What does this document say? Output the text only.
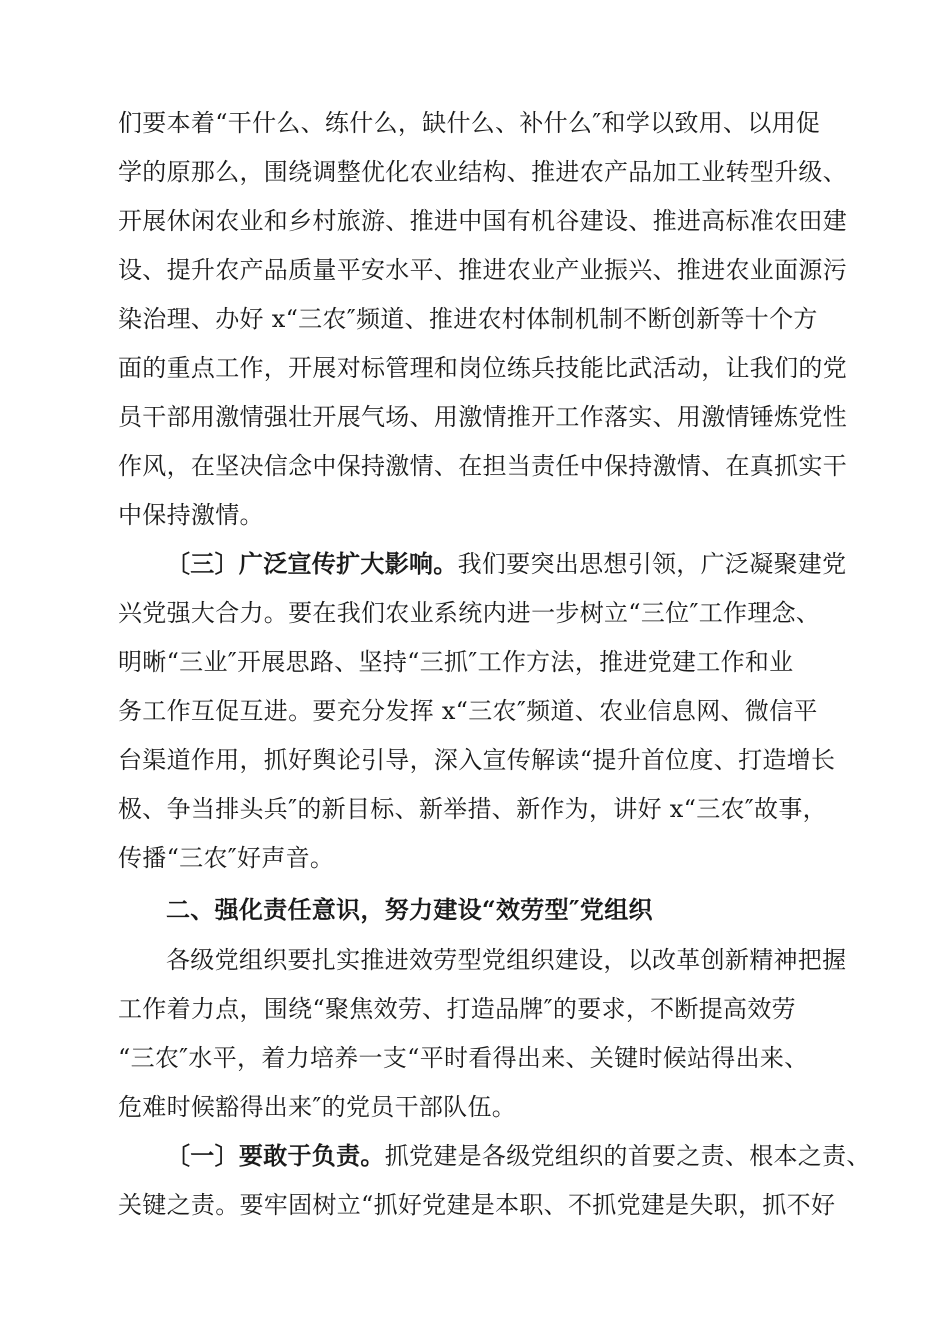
们要本着“干什么、练什么，缺什么、补什么″和学以致用、以用促
学的原那么，围绕调整优化农业结构、推进农产品加工业转型升级、
开展休闲农业和乡村旅游、推进中国有机谷建设、推进高标准农田建
设、提升农产品质量平安水平、推进农业产业振兴、推进农业面源污
染治理、办好 x“三农″频道、推进农村体制机制不断创新等十个方
面的重点工作，开展对标管理和岗位练兵技能比武活动，让我们的党
员干部用激情强壮开展气场、用激情推开工作落实、用激情锤炼党性
作风，在坚决信念中保持激情、在担当责任中保持激情、在真抓实干
中保持激情。
〔三〕广泛宣传扩大影响。我们要突出思想引领，广泛凝聚建党
兴党强大合力。要在我们农业系统内进一步树立“三位″工作理念、
明晰“三业″开展思路、坚持“三抓″工作方法，推进党建工作和业
务工作互促互进。要充分发挥 x“三农″频道、农业信息网、微信平
台渠道作用，抓好舆论引导，深入宣传解读“提升首位度、打造增长
极、争当排头兵″的新目标、新举措、新作为，讲好 x“三农″故事，
传播“三农″好声音。
二、强化责任意识，努力建设“效劳型″党组织
各级党组织要扎实推进效劳型党组织建设，以改革创新精神把握
工作着力点，围绕“聚焦效劳、打造品牌″的要求，不断提高效劳
“三农″水平，着力培养一支“平时看得出来、关键时候站得出来、
危难时候豁得出来″的党员干部队伍。
〔一〕要敢于负责。抓党建是各级党组织的首要之责、根本之责、
关键之责。要牢固树立“抓好党建是本职、不抓党建是失职，抓不好
